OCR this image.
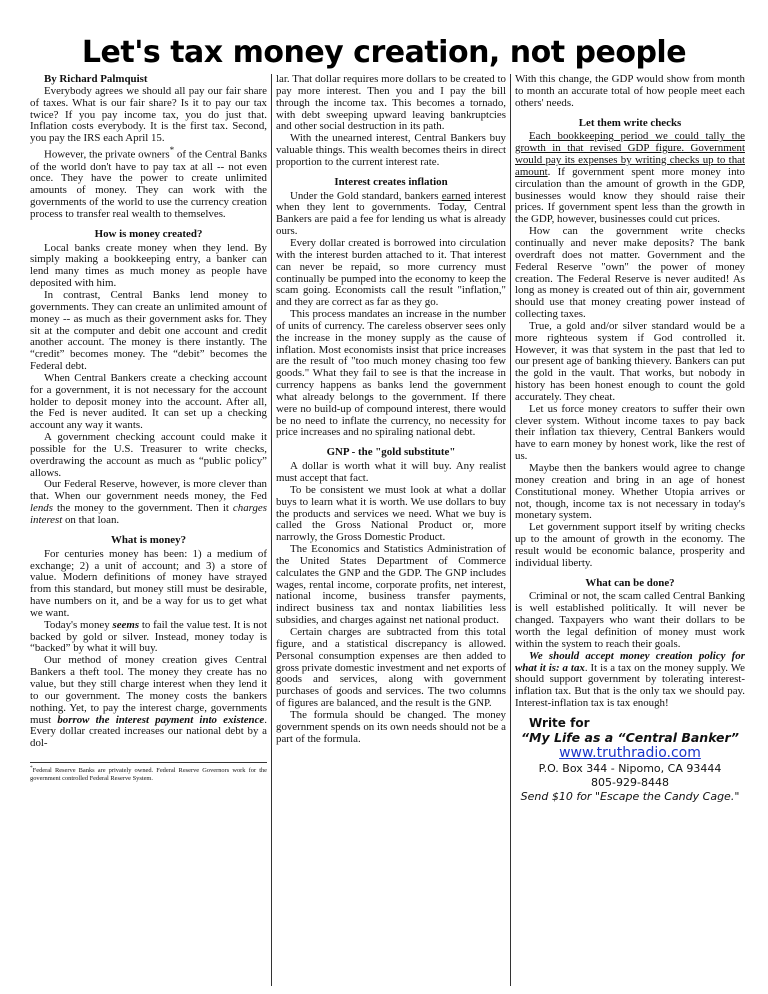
Let's tax money creation, not people

By Richard Palmquist

Everybody agrees we should all pay our fair share of taxes. What is our fair share? Is it to pay our tax twice? If you pay income tax, you do just that. Inflation costs everybody. It is the first tax. Second, you pay the IRS each April 15.

However, the private owners* of the Central Banks of the world don't have to pay tax at all -- not even once. They have the power to create unlimited amounts of money. They can work with the governments of the world to use the currency creation process to transfer real wealth to themselves.

How is money created?

Local banks create money when they lend. By simply making a bookkeeping entry, a banker can lend many times as much money as people have deposited with him.

In contrast, Central Banks lend money to governments. They can create an unlimited amount of money -- as much as their government asks for. They sit at the computer and debit one account and credit another account. The money is there instantly. The “credit” becomes money. The “debit” becomes the Federal debt.

When Central Bankers create a checking account for a government, it is not necessary for the account holder to deposit money into the account. After all, the Fed is never audited. It can set up a checking account any way it wants.

A government checking account could make it possible for the U.S. Treasurer to write checks, overdrawing the account as much as “public policy” allows.

Our Federal Reserve, however, is more clever than that. When our government needs money, the Fed lends the money to the government. Then it charges interest on that loan.

What is money?

For centuries money has been: 1) a medium of exchange; 2) a unit of account; and 3) a store of value. Modern definitions of money have strayed from this standard, but money still must be desirable, have numbers on it, and be a way for us to get what we want.

Today's money seems to fail the value test. It is not backed by gold or silver. Instead, money today is “backed” by what it will buy.

Our method of money creation gives Central Bankers a theft tool. The money they create has no value, but they still charge interest when they lend it to our government. The money costs the bankers nothing. Yet, to pay the interest charge, governments must borrow the interest payment into existence. Every dollar created increases our national debt by a dol-

*Federal Reserve Banks are privately owned. Federal Reserve Governors work for the government controlled Federal Reserve System.

lar. That dollar requires more dollars to be created to pay more interest. Then you and I pay the bill through the income tax. This becomes a tornado, with debt sweeping upward leaving bankruptcies and other social destruction in its path.

With the unearned interest, Central Bankers buy valuable things. This wealth becomes theirs in direct proportion to the current interest rate.

Interest creates inflation

Under the Gold standard, bankers earned interest when they lent to governments. Today, Central Bankers are paid a fee for lending us what is already ours.

Every dollar created is borrowed into circulation with the interest burden attached to it. That interest can never be repaid, so more currency must continually be pumped into the economy to keep the scam going. Economists call the result "inflation," and they are correct as far as they go.

This process mandates an increase in the number of units of currency. The careless observer sees only the increase in the money supply as the cause of inflation. Most economists insist that price increases are the result of "too much money chasing too few goods." What they fail to see is that the increase in currency happens as banks lend the government what already belongs to the government. If there were no build-up of compound interest, there would be no need to inflate the currency, no necessity for price increases and no spiraling national debt.

GNP - the "gold substitute"

A dollar is worth what it will buy. Any realist must accept that fact.

To be consistent we must look at what a dollar buys to learn what it is worth. We use dollars to buy the products and services we need. What we buy is called the Gross National Product or, more narrowly, the Gross Domestic Product.

The Economics and Statistics Administration of the United States Department of Commerce calculates the GNP and the GDP. The GNP includes wages, rental income, corporate profits, net interest, national income, business transfer payments, indirect business tax and nontax liabilities less subsidies, and charges against net national product.

Certain charges are subtracted from this total figure, and a statistical discrepancy is allowed. Personal consumption expenses are then added to gross private domestic investment and net exports of goods and services, along with government purchases of goods and services. The two columns of figures are balanced, and the result is the GNP.

The formula should be changed. The money government spends on its own needs should not be a part of the formula.

With this change, the GDP would show from month to month an accurate total of how people meet each others' needs.

Let them write checks

Each bookkeeping period we could tally the growth in that revised GDP figure. Government would pay its expenses by writing checks up to that amount. If government spent more money into circulation than the amount of growth in the GDP, businesses would know they should raise their prices. If government spent less than the growth in the GDP, however, businesses could cut prices.

How can the government write checks continually and never make deposits? The bank overdraft does not matter. Government and the Federal Reserve "own" the power of money creation. The Federal Reserve is never audited! As long as money is created out of thin air, government should use that money creating power instead of collecting taxes.

True, a gold and/or silver standard would be a more righteous system if God controlled it. However, it was that system in the past that led to our present age of banking thievery. Bankers can put the gold in the vault. That works, but nobody in history has been honest enough to count the gold accurately. They cheat.

Let us force money creators to suffer their own clever system. Without income taxes to pay back their inflation tax thievery, Central Bankers would have to earn money by honest work, like the rest of us.

Maybe then the bankers would agree to change money creation and bring in an age of honest Constitutional money. Whether Utopia arrives or not, though, income tax is not necessary in today's monetary system.

Let government support itself by writing checks up to the amount of growth in the economy. The result would be economic balance, prosperity and individual liberty.

What can be done?

Criminal or not, the scam called Central Banking is well established politically. It will never be changed. Taxpayers who want their dollars to be worth the legal definition of money must work within the system to reach their goals.

We should accept money creation policy for what it is: a tax. It is a tax on the money supply. We should support government by tolerating interest-inflation tax. But that is the only tax we should pay. Interest-inflation tax is tax enough!

Write for
“My Life as a “Central Banker”
www.truthradio.com
P.O. Box 344 - Nipomo, CA 93444
805-929-8448
Send $10 for "Escape the Candy Cage."
